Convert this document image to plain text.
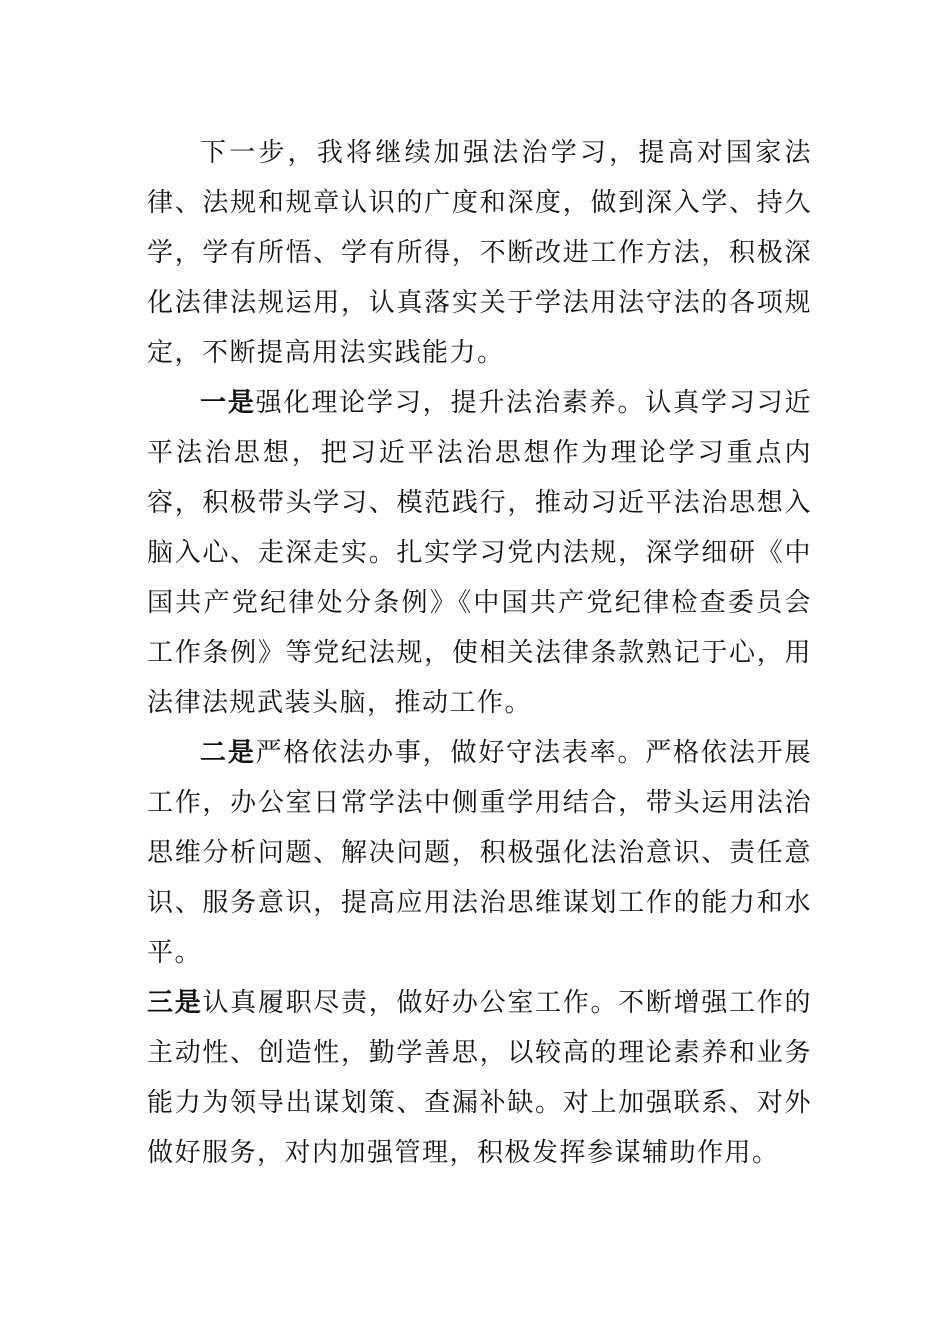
下一步，我将继续加强法治学习，提高对国家法律、法规和规章认识的广度和深度，做到深入学、持久学，学有所悟、学有所得，不断改进工作方法，积极深化法律法规运用，认真落实关于学法用法守法的各项规定，不断提高用法实践能力。

一是强化理论学习，提升法治素养。认真学习习近平法治思想，把习近平法治思想作为理论学习重点内容，积极带头学习、模范践行，推动习近平法治思想入脑入心、走深走实。扎实学习党内法规，深学细研《中国共产党纪律处分条例》《中国共产党纪律检查委员会工作条例》等党纪法规，使相关法律条款熟记于心，用法律法规武装头脑，推动工作。

二是严格依法办事，做好守法表率。严格依法开展工作，办公室日常学法中侧重学用结合，带头运用法治思维分析问题、解决问题，积极强化法治意识、责任意识、服务意识，提高应用法治思维谋划工作的能力和水平。

三是认真履职尽责，做好办公室工作。不断增强工作的主动性、创造性，勤学善思，以较高的理论素养和业务能力为领导出谋划策、查漏补缺。对上加强联系、对外做好服务，对内加强管理，积极发挥参谋辅助作用。
